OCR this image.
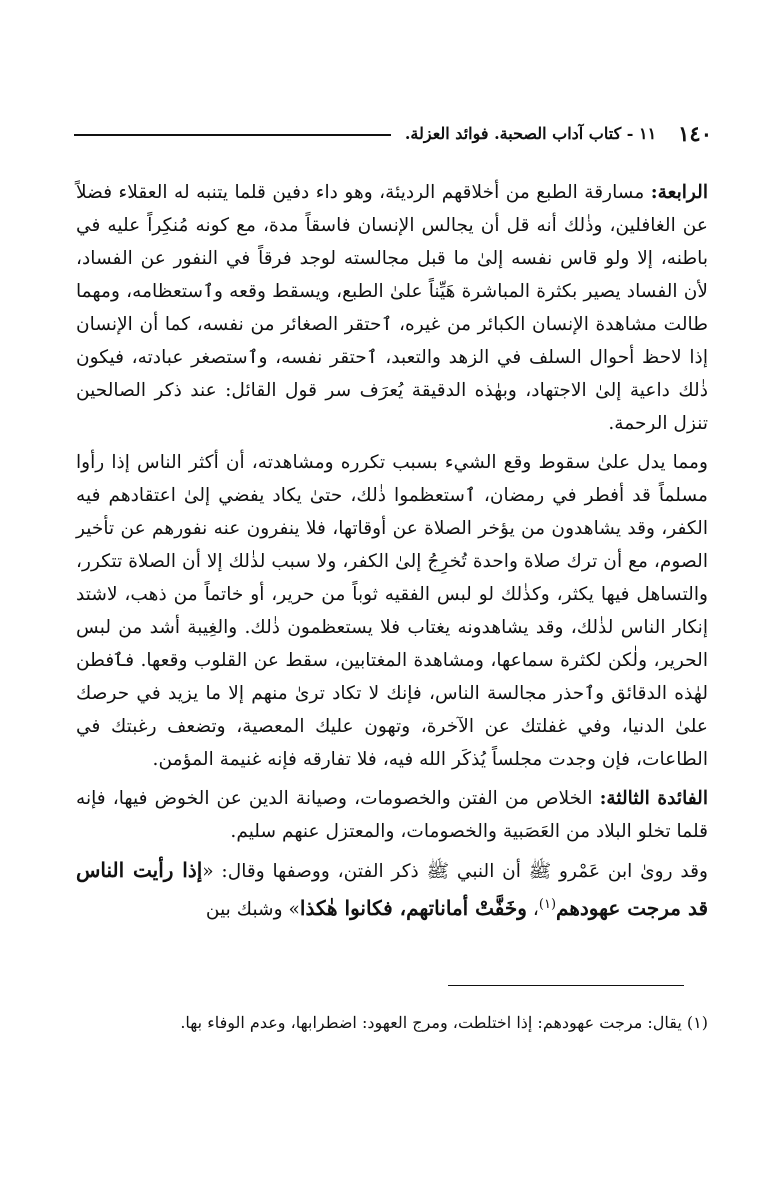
١٤٠
١١ - كتاب آداب الصحبة. فوائد العزلة.

الرابعة: مسارقة الطبع من أخلاقهم الرديئة، وهو داء دفين قلما يتنبه له العقلاء فضلاً عن الغافلين، وذٰلك أنه قل أن يجالس الإنسان فاسقاً مدة، مع كونه مُنكِراً عليه في باطنه، إلا ولو قاس نفسه إلىٰ ما قبل مجالسته لوجد فرقاً في النفور عن الفساد، لأن الفساد يصير بكثرة المباشرة هَيِّناً علىٰ الطبع، ويسقط وقعه وٱستعظامه، ومهما طالت مشاهدة الإنسان الكبائر من غيره، ٱحتقر الصغائر من نفسه، كما أن الإنسان إذا لاحظ أحوال السلف في الزهد والتعبد، ٱحتقر نفسه، وٱستصغر عبادته، فيكون ذٰلك داعية إلىٰ الاجتهاد، وبهٰذه الدقيقة يُعرَف سر قول القائل: عند ذكر الصالحين تنزل الرحمة.

ومما يدل علىٰ سقوط وقع الشيء بسبب تكرره ومشاهدته، أن أكثر الناس إذا رأوا مسلماً قد أفطر في رمضان، ٱستعظموا ذٰلك، حتىٰ يكاد يفضي إلىٰ اعتقادهم فيه الكفر، وقد يشاهدون من يؤخر الصلاة عن أوقاتها، فلا ينفرون عنه نفورهم عن تأخير الصوم، مع أن ترك صلاة واحدة تُخرِجُ إلىٰ الكفر، ولا سبب لذٰلك إلا أن الصلاة تتكرر، والتساهل فيها يكثر، وكذٰلك لو لبس الفقيه ثوباً من حرير، أو خاتماً من ذهب، لاشتد إنكار الناس لذٰلك، وقد يشاهدونه يغتاب فلا يستعظمون ذٰلك. والغِيبة أشد من لبس الحرير، ولٰكن لكثرة سماعها، ومشاهدة المغتابين، سقط عن القلوب وقعها. فٱفطن لهٰذه الدقائق وٱحذر مجالسة الناس، فإنك لا تكاد ترىٰ منهم إلا ما يزيد في حرصك علىٰ الدنيا، وفي غفلتك عن الآخرة، وتهون عليك المعصية، وتضعف رغبتك في الطاعات، فإن وجدت مجلساً يُذكَر الله فيه، فلا تفارقه فإنه غنيمة المؤمن.

الفائدة الثالثة: الخلاص من الفتن والخصومات، وصيانة الدين عن الخوض فيها، فإنه قلما تخلو البلاد من العَصَبية والخصومات، والمعتزل عنهم سليم.

وقد روىٰ ابن عَمْرو ﷺ أن النبي ﷺ ذكر الفتن، ووصفها وقال: «إذا رأيت الناس قد مرجت عهودهم$^{(١)}$، وخَفَّتْ أماناتهم، فكانوا هٰكذا» وشبك بين

(١) يقال: مرجت عهودهم: إذا اختلطت، ومرج العهود: اضطرابها، وعدم الوفاء بها.
